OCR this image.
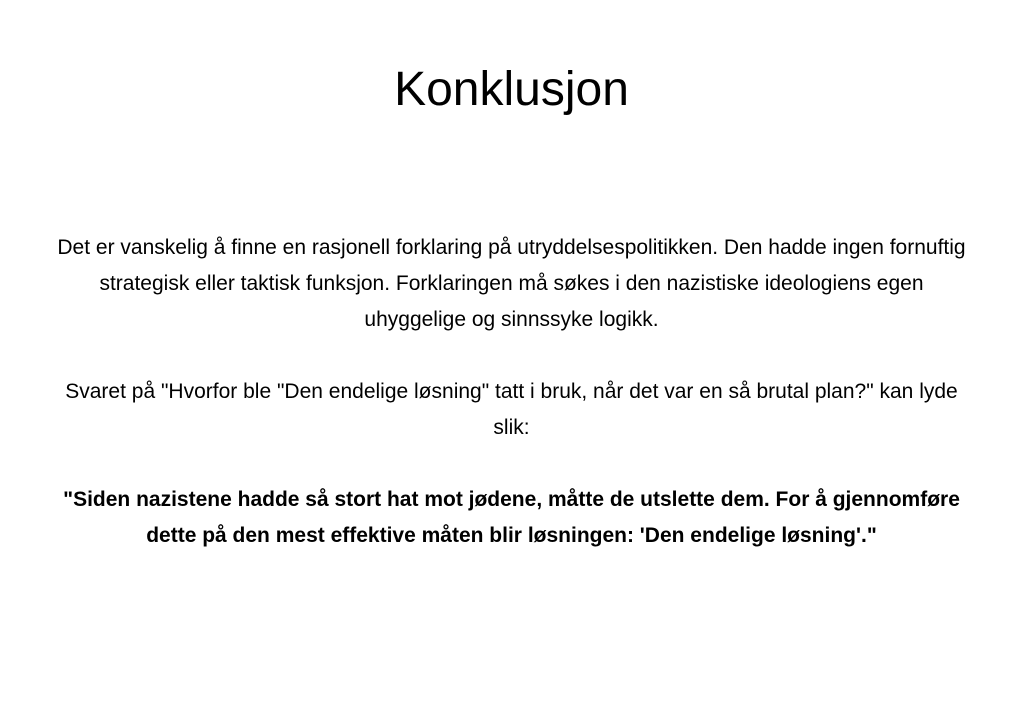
Konklusjon

Det er vanskelig å finne en rasjonell forklaring på utryddelsespolitikken. Den hadde ingen fornuftig strategisk eller taktisk funksjon. Forklaringen må søkes i den nazistiske ideologiens egen uhyggelige og sinnssyke logikk.

Svaret på "Hvorfor ble "Den endelige løsning" tatt i bruk, når det var en så brutal plan?" kan lyde slik:

"Siden nazistene hadde så stort hat mot jødene, måtte de utslette dem. For å gjennomføre dette på den mest effektive måten blir løsningen: 'Den endelige løsning'."
